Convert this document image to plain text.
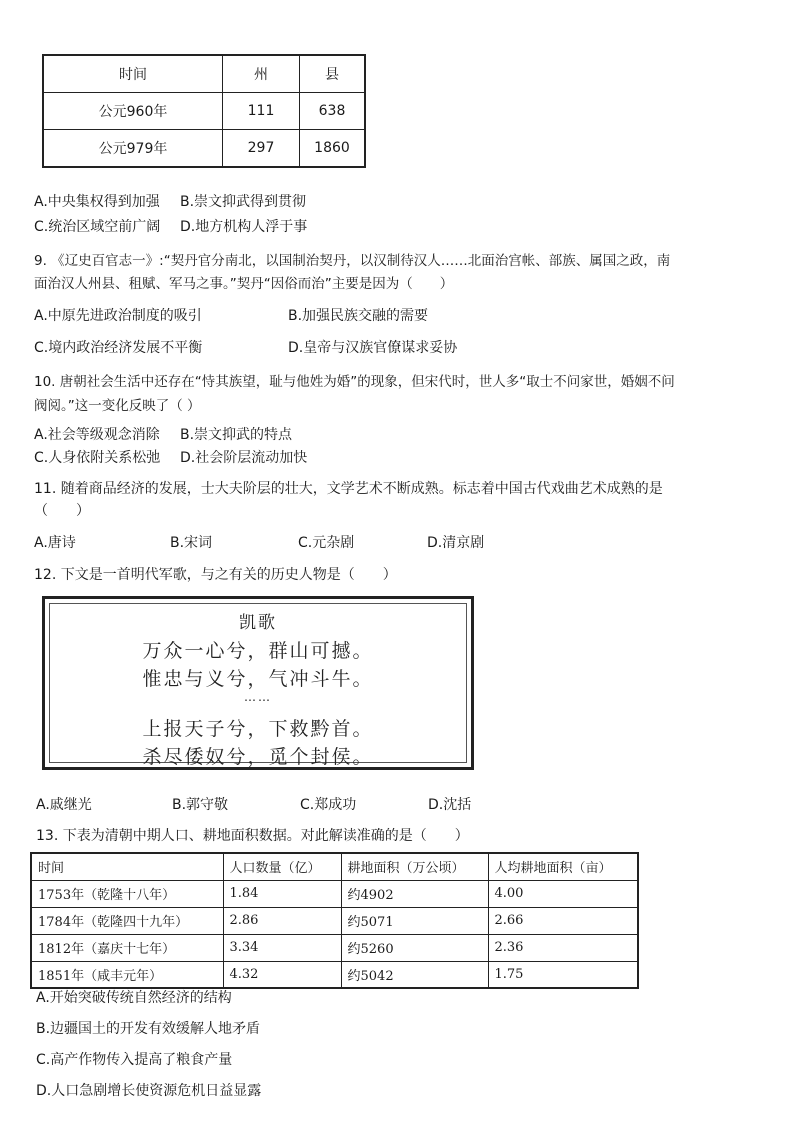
时间	州	县
公元960年	111	638
公元979年	297	1860
A.中央集权得到加强 B.崇文抑武得到贯彻
C.统治区域空前广阔 D.地方机构人浮于事
9. 《辽史百官志一》:“契丹官分南北，以国制治契丹，以汉制待汉人……北面治宫帐、部族、属国之政，南
面治汉人州县、租赋、军马之事。”契丹“因俗而治”主要是因为（　　）
A.中原先进政治制度的吸引	B.加强民族交融的需要
C.境内政治经济发展不平衡	D.皇帝与汉族官僚谋求妥协
10. 唐朝社会生活中还存在“恃其族望，耻与他姓为婚”的现象，但宋代时，世人多“取士不问家世，婚姻不问
阀阅。”这一变化反映了（ ）
A.社会等级观念消除 B.崇文抑武的特点
C.人身依附关系松弛 D.社会阶层流动加快
11. 随着商品经济的发展，士大夫阶层的壮大，文学艺术不断成熟。标志着中国古代戏曲艺术成熟的是
（　　）
A.唐诗	B.宋词	C.元杂剧	D.清京剧
12. 下文是一首明代军歌，与之有关的历史人物是（　　）
凯歌
万众一心兮，群山可撼。
惟忠与义兮，气冲斗牛。
……
上报天子兮，下救黔首。
杀尽倭奴兮，觅个封侯。
A.戚继光	B.郭守敬	C.郑成功	D.沈括
13. 下表为清朝中期人口、耕地面积数据。对此解读准确的是（　　）
时间	人口数量（亿）	耕地面积（万公顷）	人均耕地面积（亩）
1753年（乾隆十八年）	1.84	约4902	4.00
1784年（乾隆四十九年）	2.86	约5071	2.66
1812年（嘉庆十七年）	3.34	约5260	2.36
1851年（咸丰元年）	4.32	约5042	1.75
A.开始突破传统自然经济的结构
B.边疆国土的开发有效缓解人地矛盾
C.高产作物传入提高了粮食产量
D.人口急剧增长使资源危机日益显露
